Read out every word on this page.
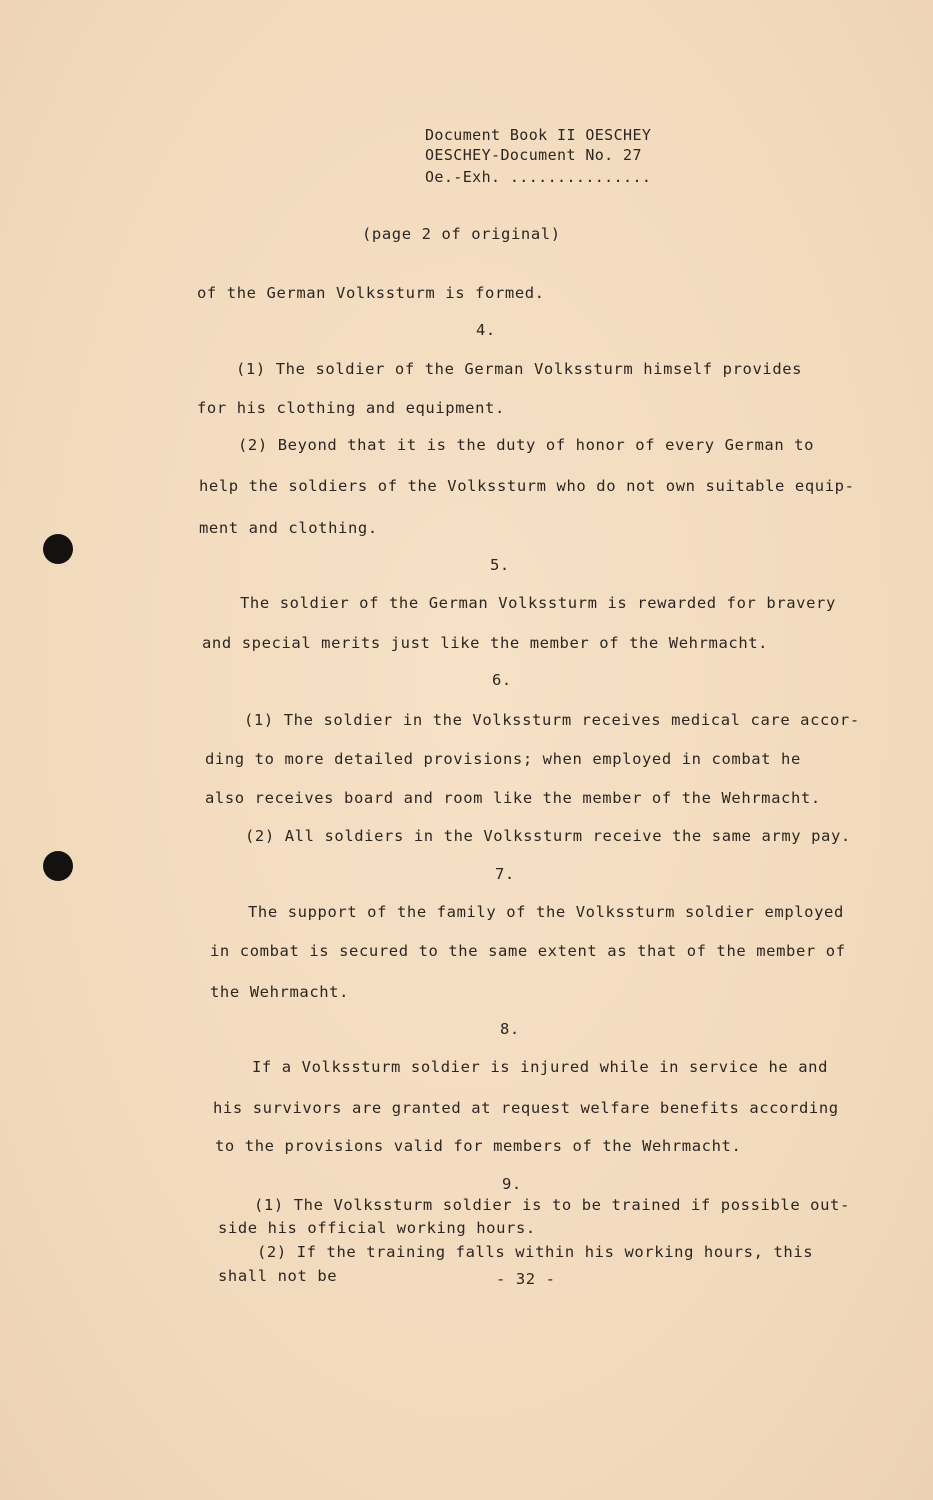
Document Book II OESCHEY
OESCHEY-Document No. 27
Oe.-Exh. ...............
(page 2 of original)
of the German Volkssturm is formed.
4.
(1) The soldier of the German Volkssturm himself provides
for his clothing and equipment.
(2) Beyond that it is the duty of honor of every German to
help the soldiers of the Volkssturm who do not own suitable equip-
ment and clothing.
5.
The soldier of the German Volkssturm is rewarded for bravery
and special merits just like the member of the Wehrmacht.
6.
(1) The soldier in the Volkssturm receives medical care accor-
ding to more detailed provisions; when employed in combat he
also receives board and room like the member of the Wehrmacht.
(2) All soldiers in the Volkssturm receive the same army pay.
7.
The support of the family of the Volkssturm soldier employed
in combat is secured to the same extent as that of the member of
the Wehrmacht.
8.
If a Volkssturm soldier is injured while in service he and
his survivors are granted at request welfare benefits according
to the provisions valid for members of the Wehrmacht.
9.
(1) The Volkssturm soldier is to be trained if possible out-
side his official working hours.
(2) If the training falls within his working hours, this
shall not be	- 32 -
